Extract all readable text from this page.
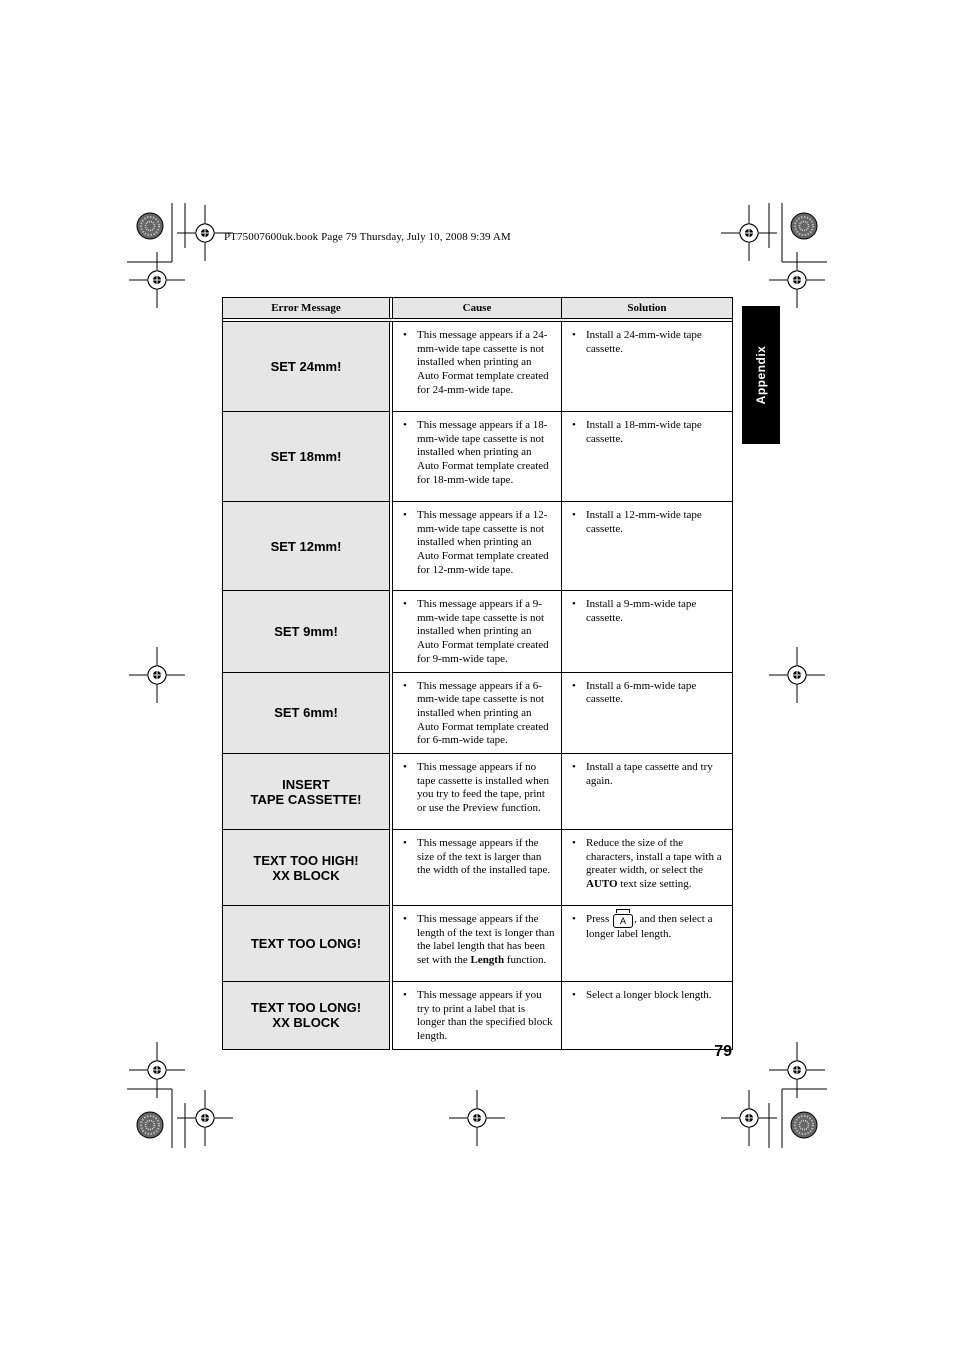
PT75007600uk.book Page 79 Thursday, July 10, 2008 9:39 AM
Appendix
Error Message		Cause	Solution

SET 24mm!		• This message appears if a 24-mm-wide tape cassette is not installed when printing an Auto Format template created for 24-mm-wide tape.	• Install a 24-mm-wide tape cassette.

SET 18mm!		• This message appears if a 18-mm-wide tape cassette is not installed when printing an Auto Format template created for 18-mm-wide tape.	• Install a 18-mm-wide tape cassette.

SET 12mm!		• This message appears if a 12-mm-wide tape cassette is not installed when printing an Auto Format template created for 12-mm-wide tape.	• Install a 12-mm-wide tape cassette.

SET 9mm!		• This message appears if a 9-mm-wide tape cassette is not installed when printing an Auto Format template created for 9-mm-wide tape.	• Install a 9-mm-wide tape cassette.

SET 6mm!		• This message appears if a 6-mm-wide tape cassette is not installed when printing an Auto Format template created for 6-mm-wide tape.	• Install a 6-mm-wide tape cassette.

INSERT
TAPE CASSETTE!		• This message appears if no tape cassette is installed when you try to feed the tape, print or use the Preview function.	• Install a tape cassette and try again.

TEXT TOO HIGH!
XX BLOCK		• This message appears if the size of the text is larger than the width of the installed tape.	• Reduce the size of the characters, install a tape with a greater width, or select the AUTO text size setting.

TEXT TOO LONG!		• This message appears if the length of the text is longer than the label length that has been set with the Length function.	• Press A , and then select a longer label length.

TEXT TOO LONG!
XX BLOCK		• This message appears if you try to print a label that is longer than the specified block length.	• Select a longer block length.
79
